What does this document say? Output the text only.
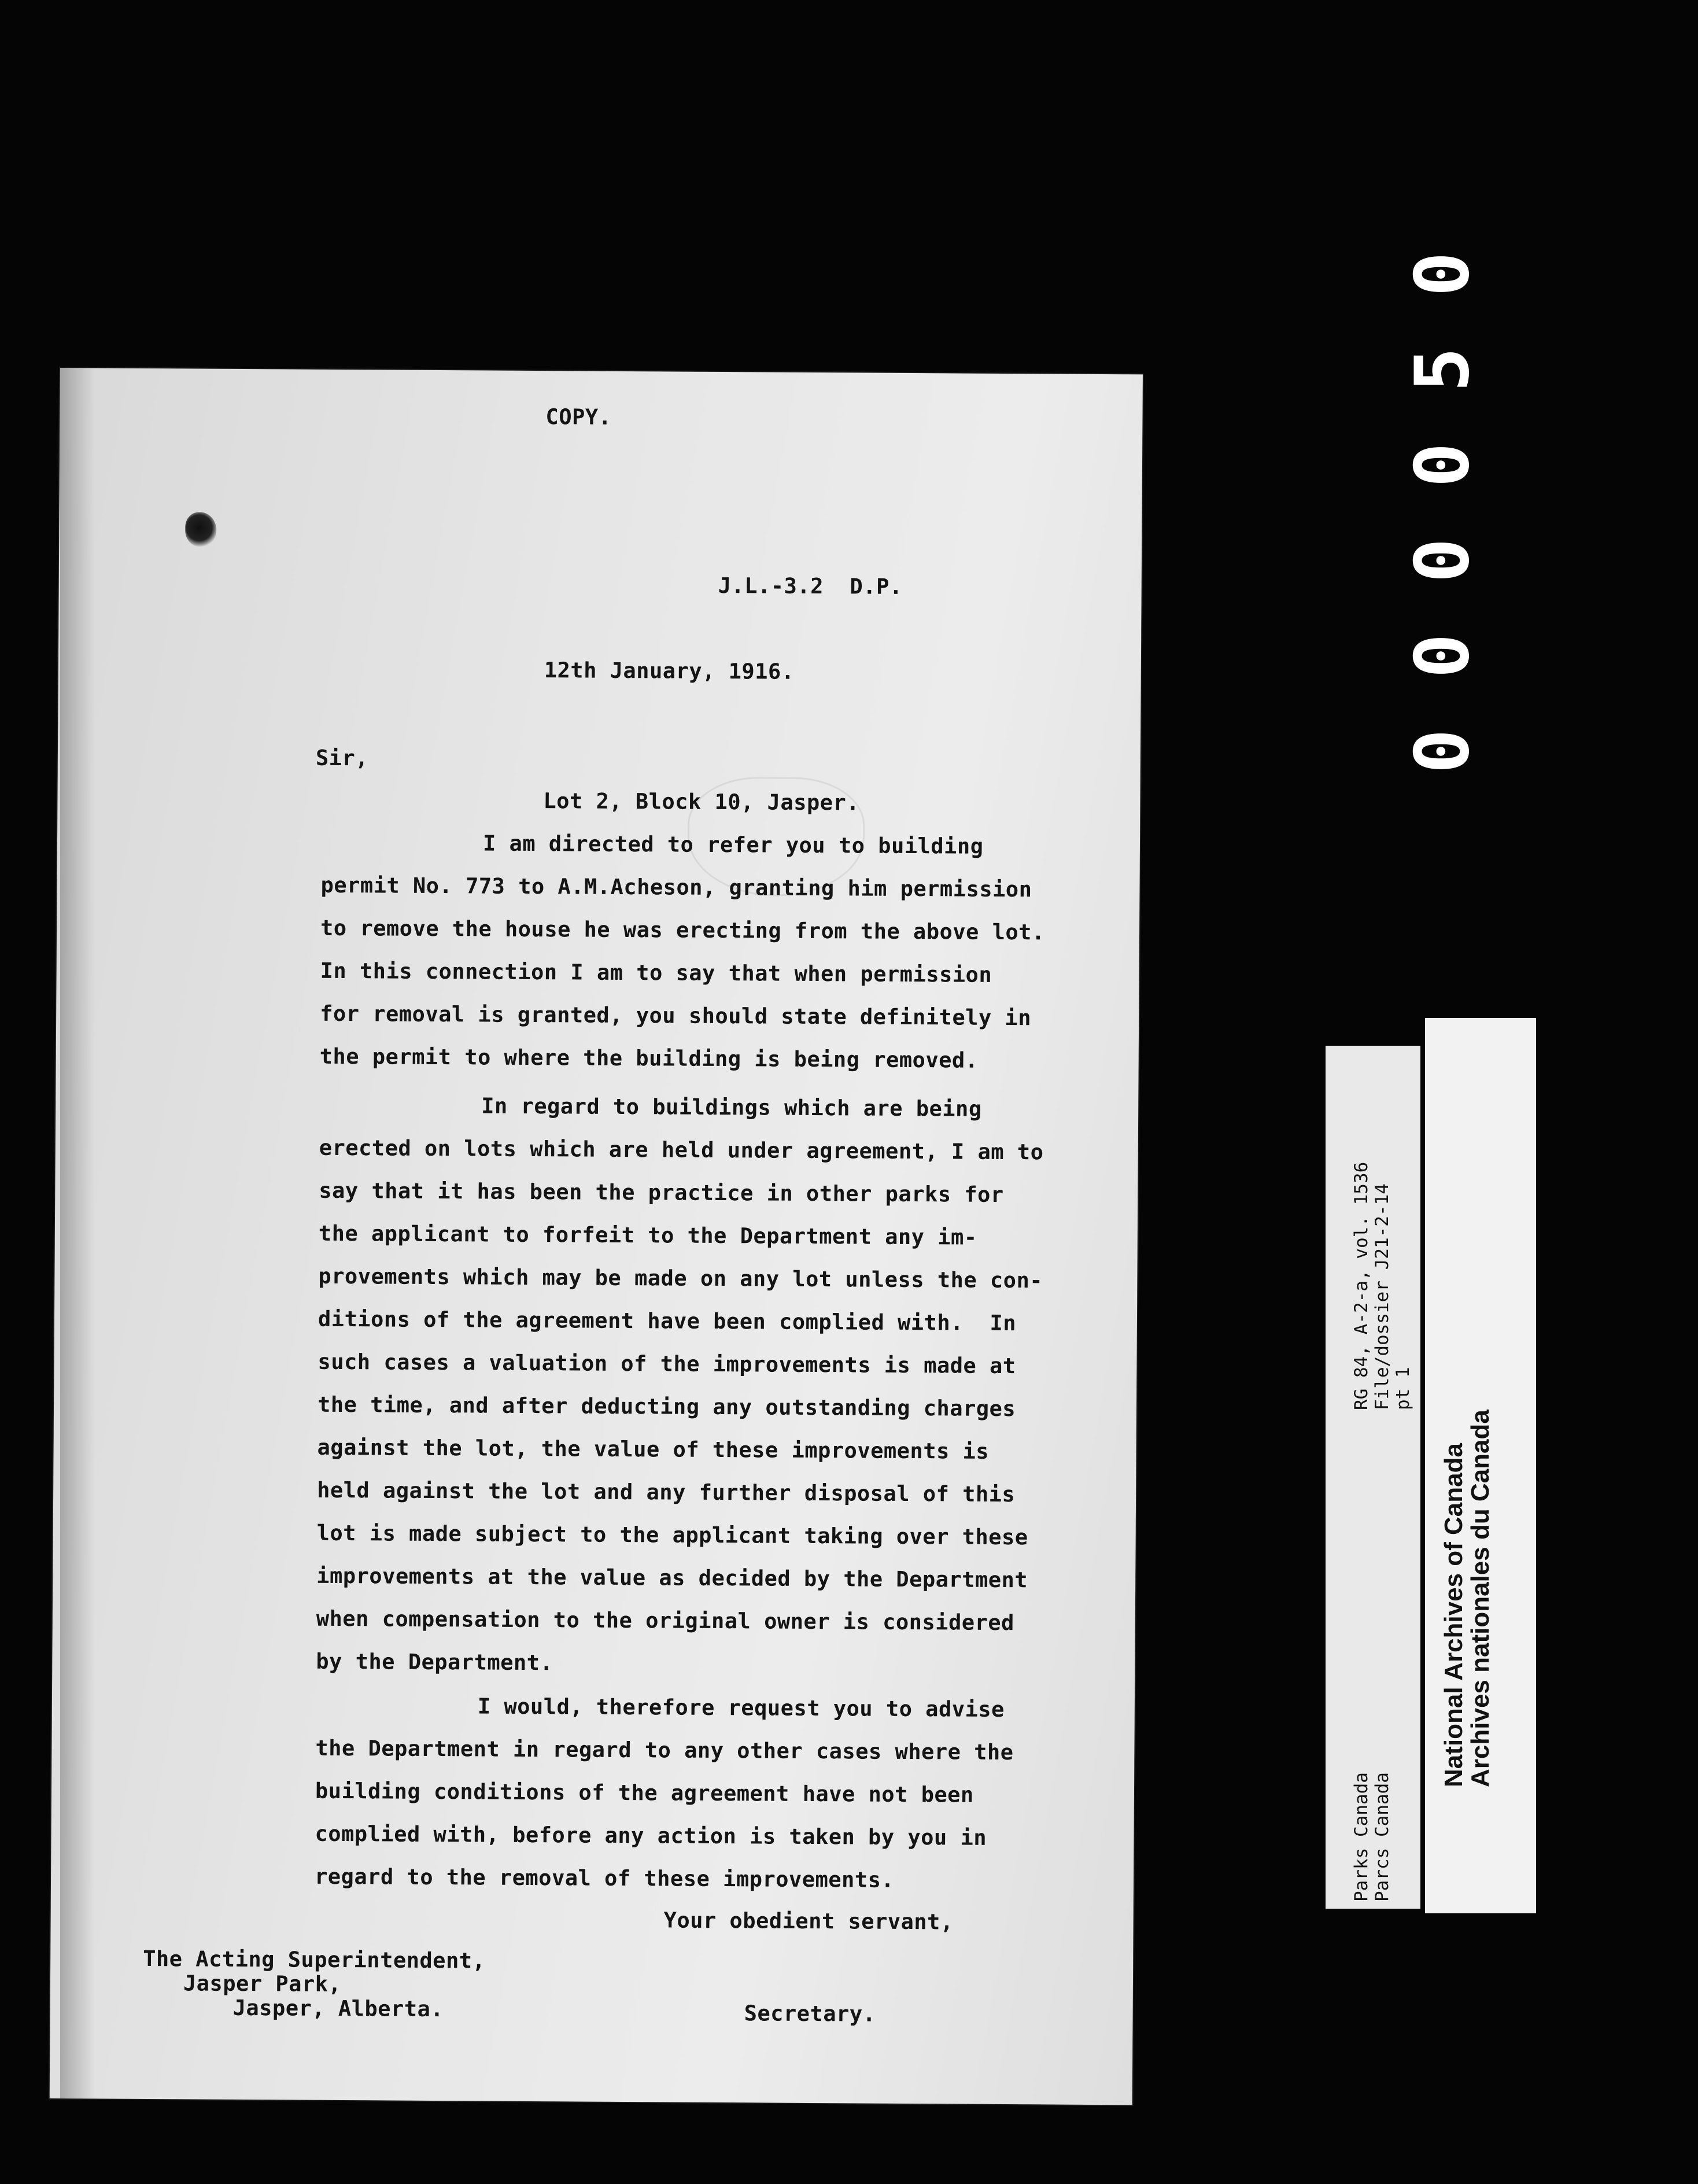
COPY.
J.L.-3.2  D.P.
12th January, 1916.
Sir,
Lot 2, Block 10, Jasper.
I am directed to refer you to building
permit No. 773 to A.M.Acheson, granting him permission
to remove the house he was erecting from the above lot.
In this connection I am to say that when permission
for removal is granted, you should state definitely in
the permit to where the building is being removed.
In regard to buildings which are being
erected on lots which are held under agreement, I am to
say that it has been the practice in other parks for
the applicant to forfeit to the Department any im-
provements which may be made on any lot unless the con-
ditions of the agreement have been complied with.  In
such cases a valuation of the improvements is made at
the time, and after deducting any outstanding charges
against the lot, the value of these improvements is
held against the lot and any further disposal of this
lot is made subject to the applicant taking over these
improvements at the value as decided by the Department
when compensation to the original owner is considered
by the Department.
I would, therefore request you to advise
the Department in regard to any other cases where the
building conditions of the agreement have not been
complied with, before any action is taken by you in
regard to the removal of these improvements.
Your obedient servant,
The Acting Superintendent,
Jasper Park,
Jasper, Alberta.	Secretary.
0
5
0
0
0
0
RG 84, A-2-a, vol. 1536 File/dossier J21-2-14 pt 1
Parks Canada Parcs Canada
National Archives of Canada
Archives nationales du Canada
